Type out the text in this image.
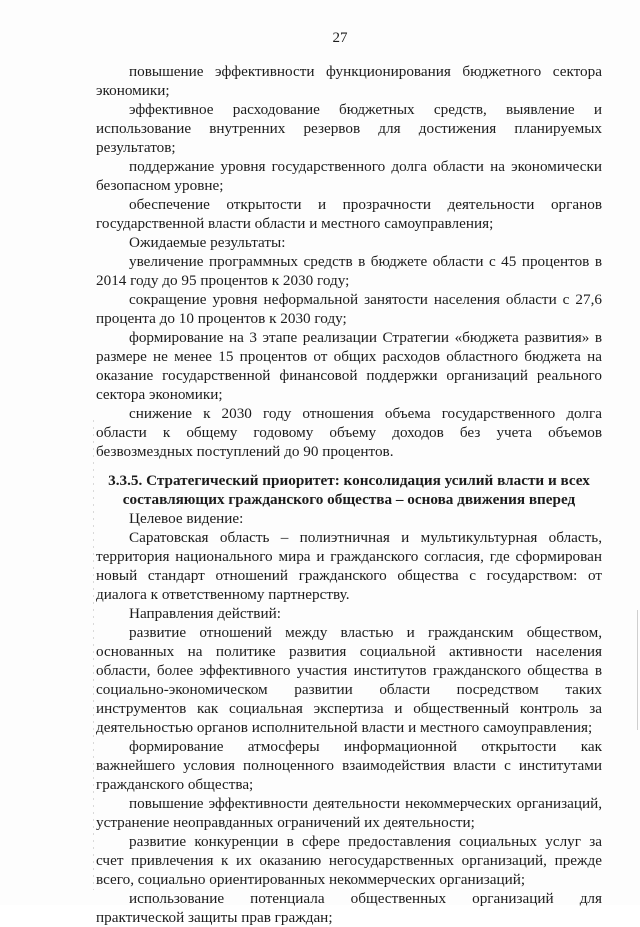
27

повышение эффективности функционирования бюджетного сектора экономики;

эффективное расходование бюджетных средств, выявление и использование внутренних резервов для достижения планируемых результатов;

поддержание уровня государственного долга области на экономически безопасном уровне;

обеспечение открытости и прозрачности деятельности органов государственной власти области и местного самоуправления;

Ожидаемые результаты:

увеличение программных средств в бюджете области с 45 процентов в 2014 году до 95 процентов к 2030 году;

сокращение уровня неформальной занятости населения области с 27,6 процента до 10 процентов к 2030 году;

формирование на 3 этапе реализации Стратегии «бюджета развития» в размере не менее 15 процентов от общих расходов областного бюджета на оказание государственной финансовой поддержки организаций реального сектора экономики;

снижение к 2030 году отношения объема государственного долга области к общему годовому объему доходов без учета объемов безвозмездных поступлений до 90 процентов.

3.3.5. Стратегический приоритет: консолидация усилий власти и всех составляющих гражданского общества – основа движения вперед

Целевое видение:

Саратовская область – полиэтничная и мультикультурная область, территория национального мира и гражданского согласия, где сформирован новый стандарт отношений гражданского общества с государством: от диалога к ответственному партнерству.

Направления действий:

развитие отношений между властью и гражданским обществом, основанных на политике развития социальной активности населения области, более эффективного участия институтов гражданского общества в социально-экономическом развитии области посредством таких инструментов как социальная экспертиза и общественный контроль за деятельностью органов исполнительной власти и местного самоуправления;

формирование атмосферы информационной открытости как важнейшего условия полноценного взаимодействия власти с институтами гражданского общества;

повышение эффективности деятельности некоммерческих организаций, устранение неоправданных ограничений их деятельности;

развитие конкуренции в сфере предоставления социальных услуг за счет привлечения к их оказанию негосударственных организаций, прежде всего, социально ориентированных некоммерческих организаций;

использование потенциала общественных организаций для практической защиты прав граждан;
